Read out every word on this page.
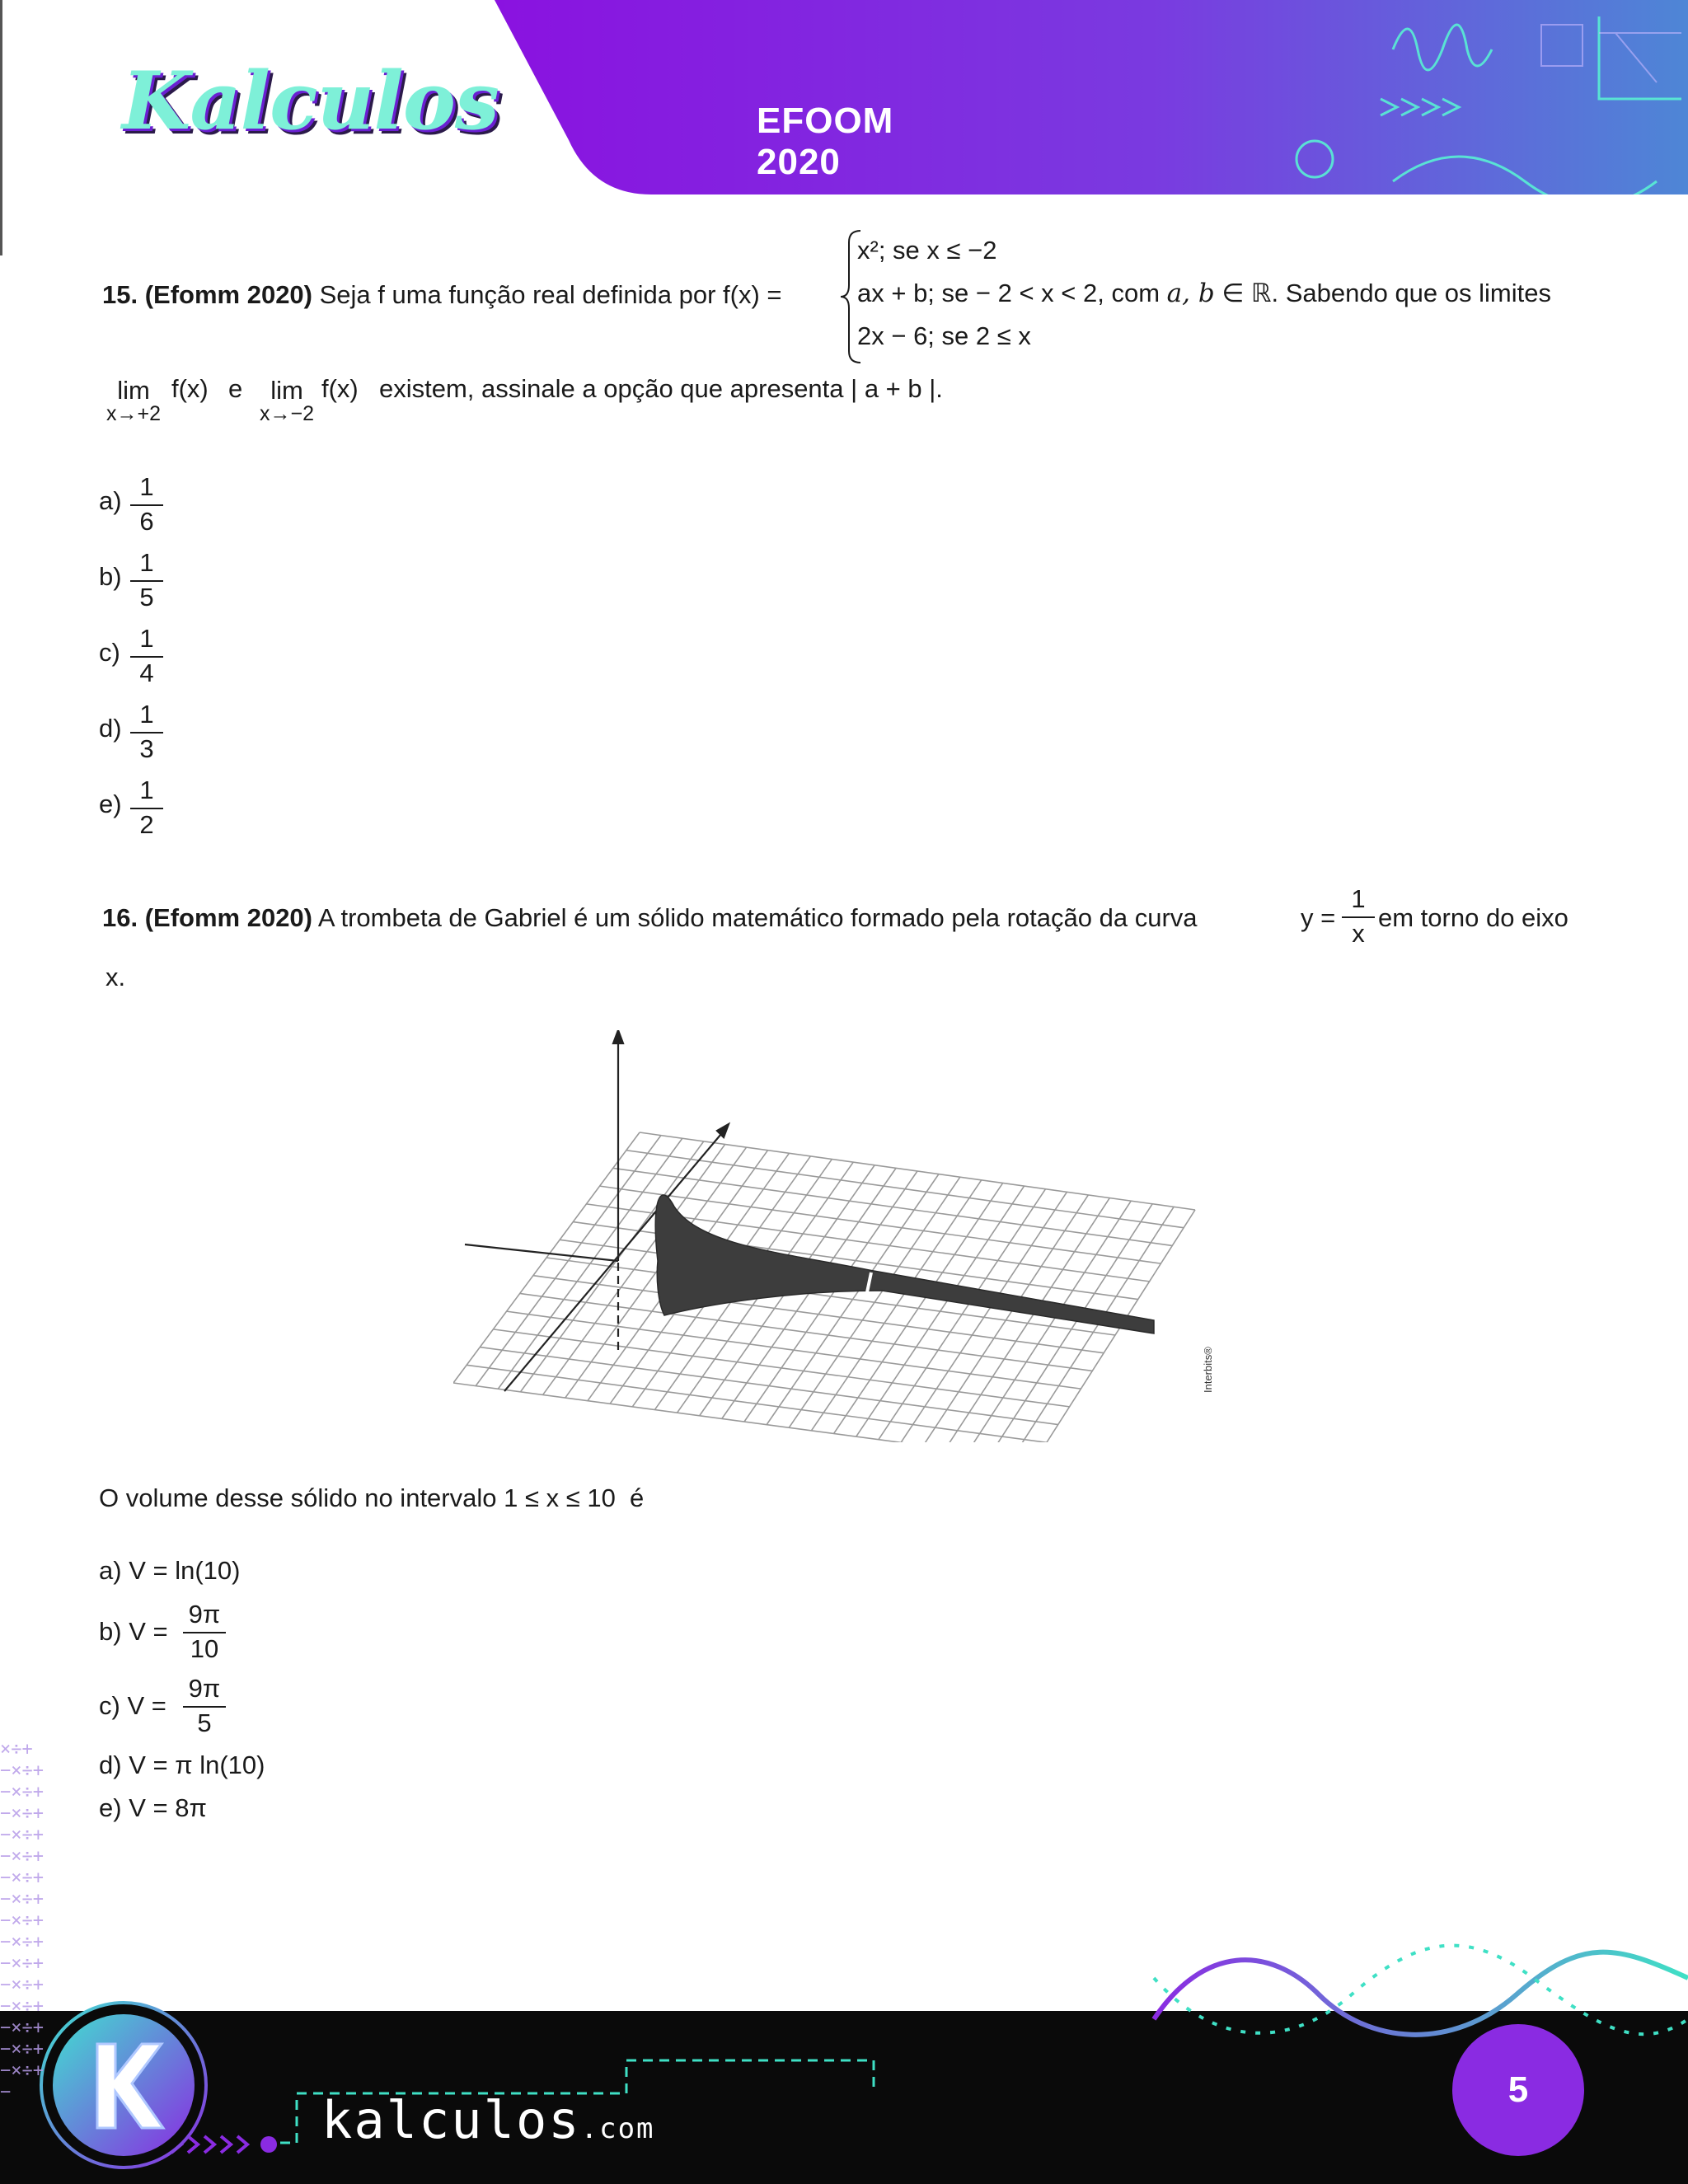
Kalculos	EFOOM 2020
15. (Efomm 2020) Seja f uma função real definida por f(x) =
x²; se x ≤ −2
ax + b; se − 2 < x < 2, com a, b ∈ ℝ. Sabendo que os limites
2x − 6; se 2 ≤ x
lim
x→+2
f(x) e	lim
x→−2
f(x) existem, assinale a opção que apresenta | a + b |.
$a) \frac{1}{6}$
$b) \frac{1}{5}$
$c) \frac{1}{4}$
$d) \frac{1}{3}$
$e) \frac{1}{2}$
16. (Efomm 2020) A trombeta de Gabriel é um sólido matemático formado pela rotação da curva	$y = \frac{1}{x}$ em torno do eixo
x.
Interbits®
O volume desse sólido no intervalo 1 ≤ x ≤ 10 é
a) V = ln(10)
b) $V = \frac{9\pi}{10}$
c) $V = \frac{9\pi}{5}$
d) V = π ln(10)
e) V = 8π
×÷+−×÷+−×÷+−×÷+−×÷+−×÷+−×÷+−×÷+−×÷+−×÷+−×÷+−×÷+−×÷+−×÷+−×÷+−×÷+−	kalculos.com
5
